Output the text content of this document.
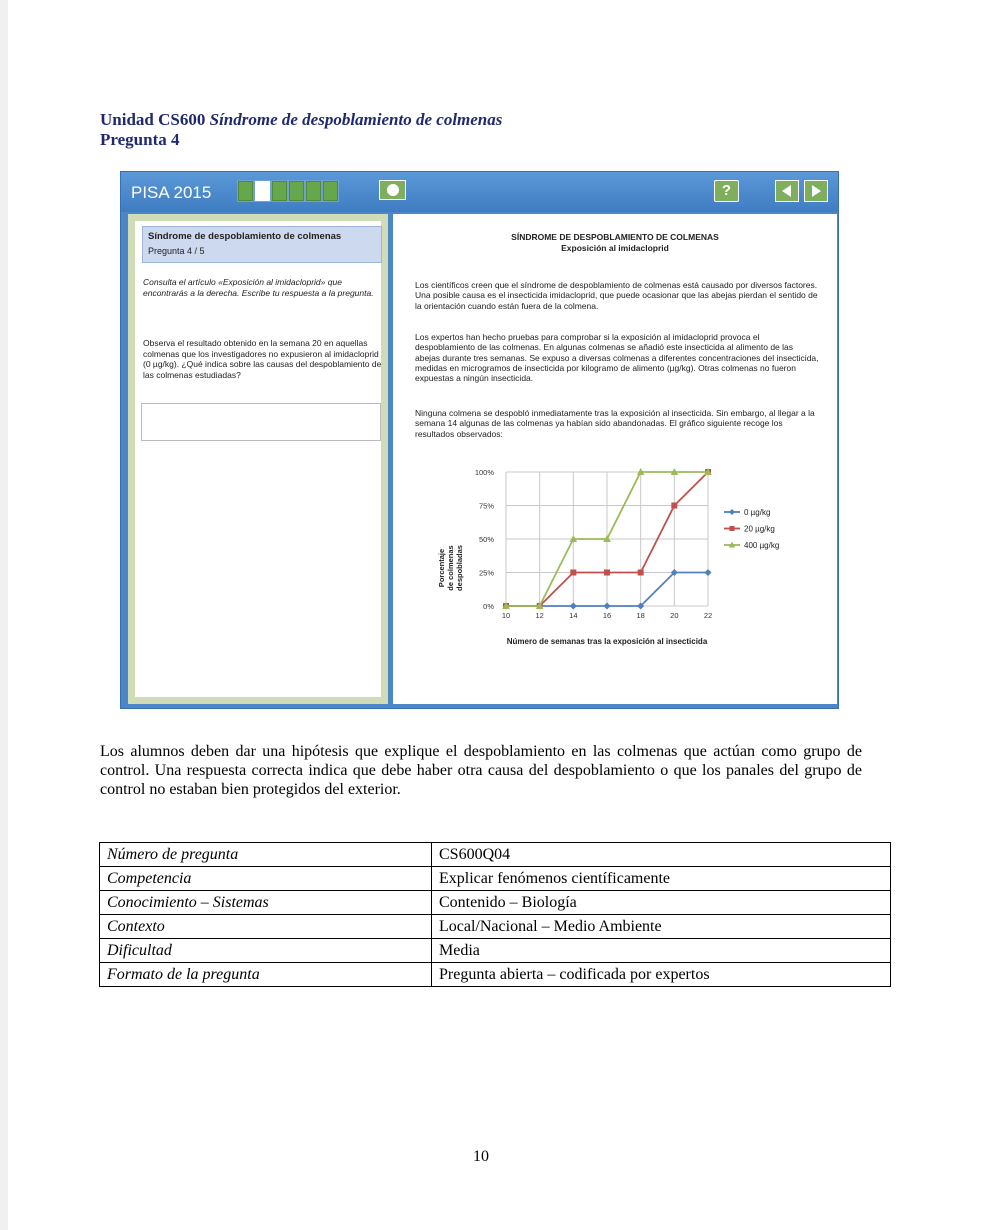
Unidad CS600 Síndrome de despoblamiento de colmenas
Pregunta 4
PISA 2015	?
Síndrome de despoblamiento de colmenas
Pregunta 4 / 5
Consulta el artículo «Exposición al imidacloprid» que encontrarás a la derecha. Escribe tu respuesta a la pregunta.
Observa el resultado obtenido en la semana 20 en aquellas colmenas que los investigadores no expusieron al imidacloprid (0 µg/kg). ¿Qué indica sobre las causas del despoblamiento de las colmenas estudiadas?
SÍNDROME DE DESPOBLAMIENTO DE COLMENAS
Exposición al imidacloprid

Los científicos creen que el síndrome de despoblamiento de colmenas está causado por diversos factores. Una posible causa es el insecticida imidacloprid, que puede ocasionar que las abejas pierdan el sentido de la orientación cuando están fuera de la colmena.

Los expertos han hecho pruebas para comprobar si la exposición al imidacloprid provoca el despoblamiento de las colmenas. En algunas colmenas se añadió este insecticida al alimento de las abejas durante tres semanas. Se expuso a diversas colmenas a diferentes concentraciones del insecticida, medidas en microgramos de insecticida por kilogramo de alimento (µg/kg). Otras colmenas no fueron expuestas a ningún insecticida.

Ninguna colmena se despobló inmediatamente tras la exposición al insecticida. Sin embargo, al llegar a la semana 14 algunas de las colmenas ya habían sido abandonadas. El gráfico siguiente recoge los resultados observados:

0%
25%
50%
75%
100%
10	12	14	16	18	20	22
Número de semanas tras la exposición al insecticida
Porcentaje de colmenas despobladas
0 µg/kg
20 µg/kg
400 µg/kg
Los alumnos deben dar una hipótesis que explique el despoblamiento en las colmenas que actúan como grupo de control. Una respuesta correcta indica que debe haber otra causa del despoblamiento o que los panales del grupo de control no estaban bien protegidos del exterior.
Número de pregunta	CS600Q04
Competencia	Explicar fenómenos científicamente
Conocimiento – Sistemas	Contenido – Biología
Contexto	Local/Nacional – Medio Ambiente
Dificultad	Media
Formato de la pregunta	Pregunta abierta – codificada por expertos
10
